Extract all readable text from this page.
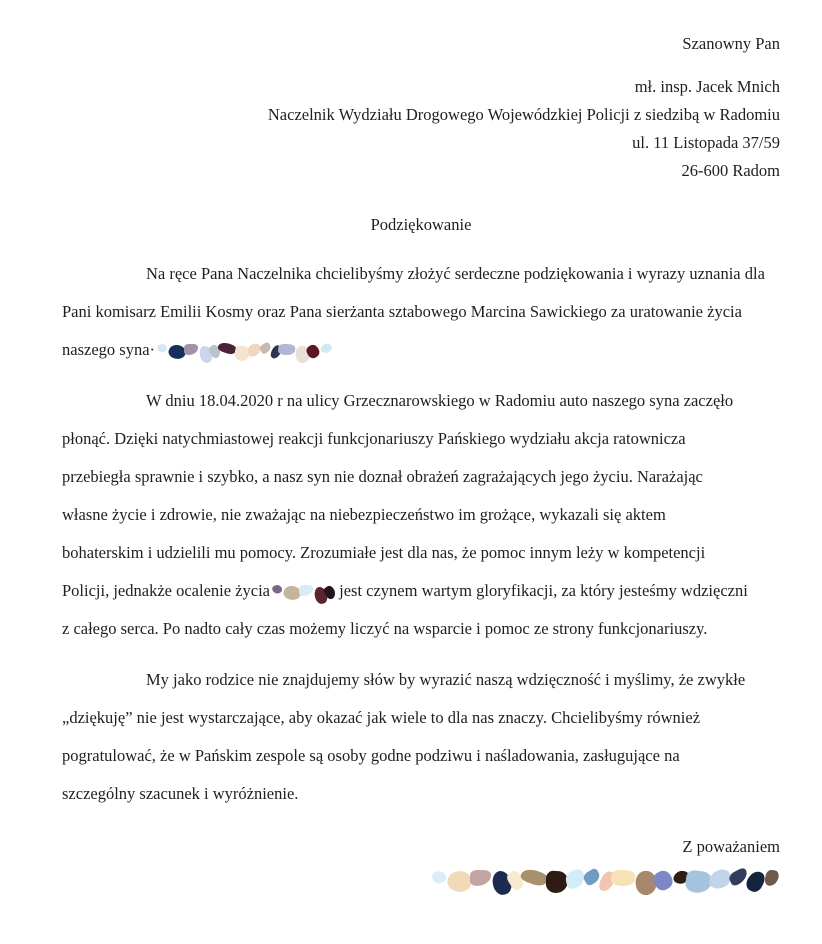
Szanowny Pan
mł. insp. Jacek Mnich
Naczelnik Wydziału Drogowego Wojewódzkiej Policji z siedzibą w Radomiu
ul. 11 Listopada 37/59
26-600 Radom
Podziękowanie
Na ręce Pana Naczelnika chcielibyśmy złożyć serdeczne podziękowania i wyrazy uznania dla
Pani komisarz Emilii Kosmy oraz Pana sierżanta sztabowego Marcina Sawickiego za uratowanie życia
naszego syna·
W dniu 18.04.2020 r na ulicy Grzecznarowskiego w Radomiu auto naszego syna zaczęło
płonąć. Dzięki natychmiastowej reakcji funkcjonariuszy Pańskiego wydziału akcja ratownicza
przebiegła sprawnie i szybko, a nasz syn nie doznał obrażeń zagrażających jego życiu. Narażając
własne życie i zdrowie, nie zważając na niebezpieczeństwo im grożące, wykazali się aktem
bohaterskim i udzielili mu pomocy. Zrozumiałe jest dla nas, że pomoc innym leży w kompetencji
Policji, jednakże ocalenie życia	jest czynem wartym gloryfikacji, za który jesteśmy wdzięczni
z całego serca. Po nadto cały czas możemy liczyć na wsparcie i pomoc ze strony funkcjonariuszy.
My jako rodzice nie znajdujemy słów by wyrazić naszą wdzięczność i myślimy, że zwykłe
„dziękuję” nie jest wystarczające, aby okazać jak wiele to dla nas znaczy. Chcielibyśmy również
pogratulować, że w Pańskim zespole są osoby godne podziwu i naśladowania, zasługujące na
szczególny szacunek i wyróżnienie.
Z poważaniem
